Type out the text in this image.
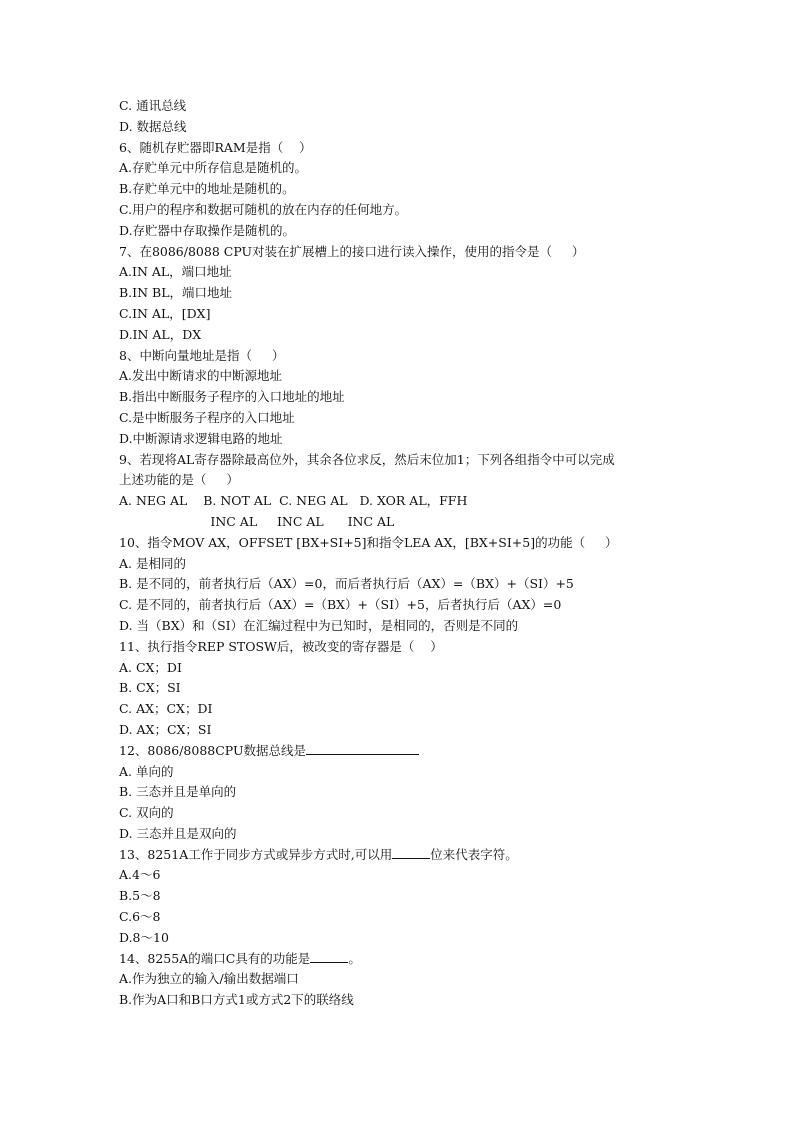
C. 通讯总线

D. 数据总线

6、随机存贮器即RAM是指（    ）

A.存贮单元中所存信息是随机的。

B.存贮单元中的地址是随机的。

C.用户的程序和数据可随机的放在内存的任何地方。

D.存贮器中存取操作是随机的。

7、在8086/8088 CPU对装在扩展槽上的接口进行读入操作，使用的指令是（     ）

A.IN AL，端口地址

B.IN BL，端口地址

C.IN AL，[DX]

D.IN AL，DX

8、中断向量地址是指（     ）

A.发出中断请求的中断源地址

B.指出中断服务子程序的入口地址的地址

C.是中断服务子程序的入口地址

D.中断源请求逻辑电路的地址

9、若现将AL寄存器除最高位外，其余各位求反，然后末位加1；下列各组指令中可以完成

上述功能的是（     ）

A. NEG AL    B. NOT AL  C. NEG AL   D. XOR AL，FFH

INC AL     INC AL      INC AL

10、指令MOV AX，OFFSET [BX+SI+5]和指令LEA AX，[BX+SI+5]的功能（     ）

A. 是相同的

B. 是不同的，前者执行后（AX）=0，而后者执行后（AX）=（BX）+（SI）+5

C. 是不同的，前者执行后（AX）=（BX）+（SI）+5，后者执行后（AX）=0

D. 当（BX）和（SI）在汇编过程中为已知时，是相同的，否则是不同的

11、执行指令REP STOSW后，被改变的寄存器是（    ）

A. CX；DI

B. CX；SI

C. AX；CX；DI

D. AX；CX；SI

12、8086/8088CPU数据总线是

A. 单向的

B. 三态并且是单向的

C. 双向的

D. 三态并且是双向的

13、8251A工作于同步方式或异步方式时,可以用	位来代表字符。

A.4～6

B.5～8

C.6～8

D.8～10

14、8255A的端口C具有的功能是	。

A.作为独立的输入/输出数据端口

B.作为A口和B口方式1或方式2下的联络线
